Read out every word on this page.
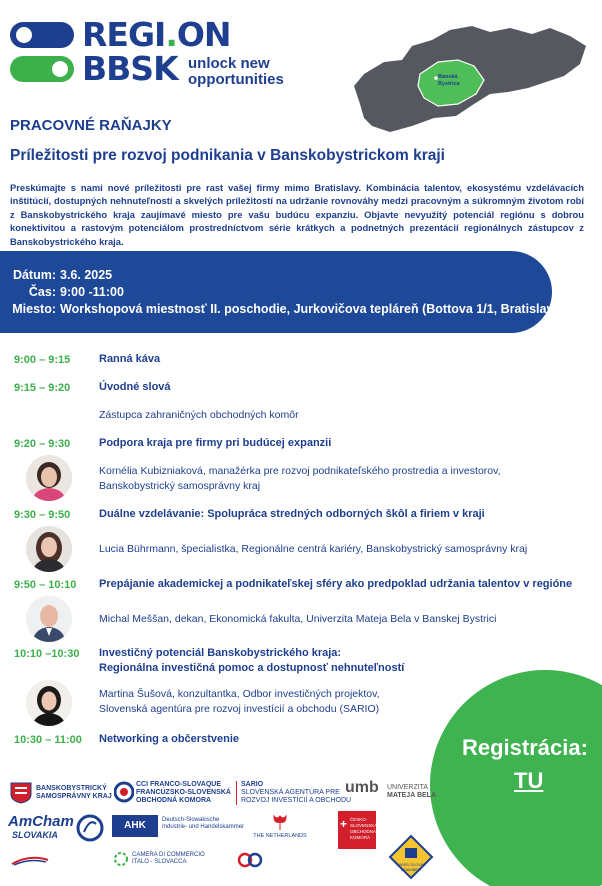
REGI.ON
BBSK unlock new
opportunities	Banská
Bystrica
PRACOVNÉ RAŇAJKY
Príležitosti pre rozvoj podnikania v Banskobystrickom kraji
Preskúmajte s nami nové príležitosti pre rast vašej firmy mimo Bratislavy. Kombinácia talentov, ekosystému vzdelávacích inštitúcií, dostupných nehnuteľností a skvelých príležitostí na udržanie rovnováhy medzi pracovným a súkromným životom robí z Banskobystrického kraja zaujímavé miesto pre vašu budúcu expanziu. Objavte nevyužitý potenciál regiónu s dobrou konektivitou a rastovým potenciálom prostredníctvom série krátkych a podnetných prezentácií regionálnych zástupcov z Banskobystrického kraja.
Dátum: 3.6. 2025
Čas: 9:00 -11:00
Miesto: Workshopová miestnosť II. poschodie, Jurkovičova tepláreň (Bottova 1/1, Bratislava)
9:00 – 9:15	Ranná káva
9:15 – 9:20	Úvodné slová
Zástupca zahraničných obchodných komôr
9:20 – 9:30	Podpora kraja pre firmy pri budúcej expanzii
Kornélia Kubizniaková, manažérka pre rozvoj podnikateľského prostredia a investorov,
Banskobystrický samosprávny kraj
9:30 – 9:50	Duálne vzdelávanie: Spolupráca stredných odborných škôl a firiem v kraji
Lucia Bührmann, špecialistka, Regionálne centrá kariéry, Banskobystrický samosprávny kraj
9:50 – 10:10 Prepájanie akademickej a podnikateľskej sféry ako predpoklad udržania talentov v regióne
Michal Meššan, dekan, Ekonomická fakulta, Univerzita Mateja Bela v Banskej Bystrici
10:10 –10:30 Investičný potenciál Banskobystrického kraja:
Regionálna investičná pomoc a dostupnosť nehnuteľností
Martina Šušová, konzultantka, Odbor investičných projektov,
Slovenská agentúra pre rozvoj investícií a obchodu (SARIO)
10:30 – 11:00 Networking a občerstvenie	Registrácia:
TU
BANSKOBYSTRICKÝ
SAMOSPRÁVNY KRAJ
CCI FRANCO-SLOVAQUE
FRANCÚZSKO-SLOVENSKÁ
OBCHODNÁ KOMORA
SARIO
SLOVENSKÁ AGENTÚRA PRE
ROZVOJ INVESTÍCIÍ A OBCHODU
umb UNIVERZITA
MATEJA BELA
AmCham
SLOVAKIA
AHK	Deutsch-Slowakische
Industrie- und Handelskammer
THE NETHERLANDS
+ ČESKO-SLOVENSKÁ
OBCHODNÁ KOMORA
SWISS-SLOVAK
CHAMBER
CAMERA DI COMMERCIO
ITALO - SLOVACCA
